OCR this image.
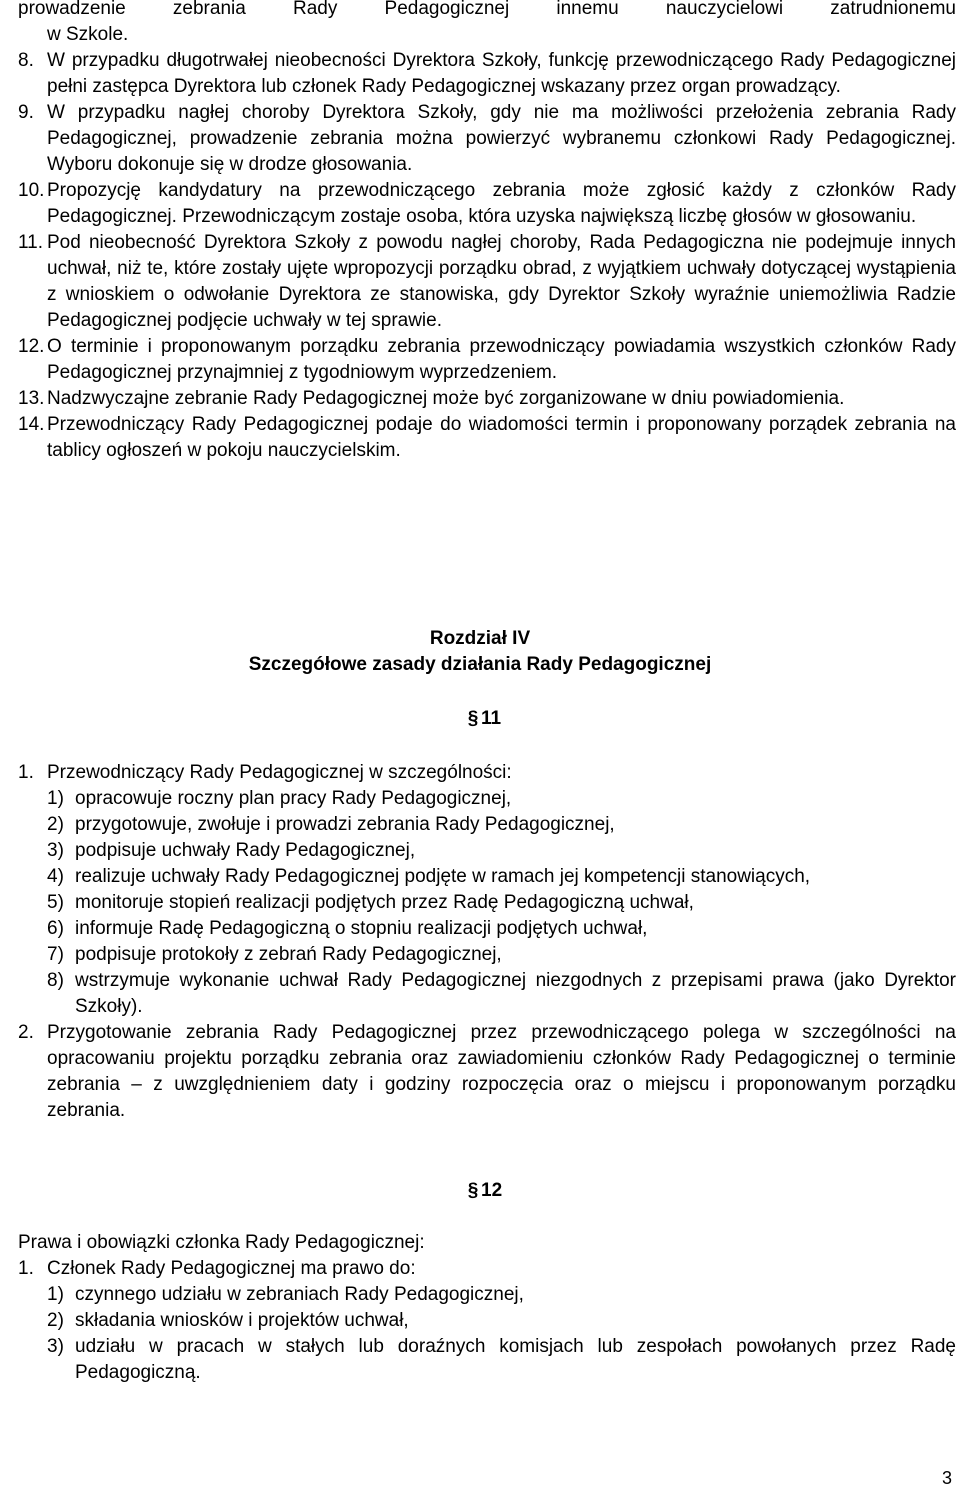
prowadzenie zebrania Rady Pedagogicznej innemu nauczycielowi zatrudnionemu
w Szkole.
8. W przypadku długotrwałej nieobecności Dyrektora Szkoły, funkcję przewodniczącego Rady Pedagogicznej pełni zastępca Dyrektora lub członek Rady Pedagogicznej wskazany przez organ prowadzący.
9. W przypadku nagłej choroby Dyrektora Szkoły, gdy nie ma możliwości przełożenia zebrania Rady Pedagogicznej, prowadzenie zebrania można powierzyć wybranemu członkowi Rady Pedagogicznej. Wyboru dokonuje się w drodze głosowania.
10. Propozycję kandydatury na przewodniczącego zebrania może zgłosić każdy z członków Rady Pedagogicznej. Przewodniczącym zostaje osoba, która uzyska największą liczbę głosów w głosowaniu.
11. Pod nieobecność Dyrektora Szkoły z powodu nagłej choroby, Rada Pedagogiczna nie podejmuje innych uchwał, niż te, które zostały ujęte wpropozycji porządku obrad, z wyjątkiem uchwały dotyczącej wystąpienia z wnioskiem o odwołanie Dyrektora ze stanowiska, gdy Dyrektor Szkoły wyraźnie uniemożliwia Radzie Pedagogicznej podjęcie uchwały w tej sprawie.
12. O terminie i proponowanym porządku zebrania przewodniczący powiadamia wszystkich członków Rady Pedagogicznej przynajmniej z tygodniowym wyprzedzeniem.
13. Nadzwyczajne zebranie Rady Pedagogicznej może być zorganizowane w dniu powiadomienia.
14. Przewodniczący Rady Pedagogicznej podaje do wiadomości termin i proponowany porządek zebrania na tablicy ogłoszeń w pokoju nauczycielskim.
Rozdział IV
Szczegółowe zasady działania Rady Pedagogicznej
§ 11
1. Przewodniczący Rady Pedagogicznej w szczególności:
1) opracowuje roczny plan pracy Rady Pedagogicznej,
2) przygotowuje, zwołuje i prowadzi zebrania Rady Pedagogicznej,
3) podpisuje uchwały Rady Pedagogicznej,
4) realizuje uchwały Rady Pedagogicznej podjęte w ramach jej kompetencji stanowiących,
5) monitoruje stopień realizacji podjętych przez Radę Pedagogiczną uchwał,
6) informuje Radę Pedagogiczną o stopniu realizacji podjętych uchwał,
7) podpisuje protokoły z zebrań Rady Pedagogicznej,
8) wstrzymuje wykonanie uchwał Rady Pedagogicznej niezgodnych z przepisami prawa (jako Dyrektor Szkoły).
2. Przygotowanie zebrania Rady Pedagogicznej przez przewodniczącego polega w szczególności na opracowaniu projektu porządku zebrania oraz zawiadomieniu członków Rady Pedagogicznej o terminie zebrania – z uwzględnieniem daty i godziny rozpoczęcia oraz o miejscu i proponowanym porządku zebrania.
§ 12
Prawa i obowiązki członka Rady Pedagogicznej:
1. Członek Rady Pedagogicznej ma prawo do:
1) czynnego udziału w zebraniach Rady Pedagogicznej,
2) składania wniosków i projektów uchwał,
3) udziału w pracach w stałych lub doraźnych komisjach lub zespołach powołanych przez Radę Pedagogiczną.
3
